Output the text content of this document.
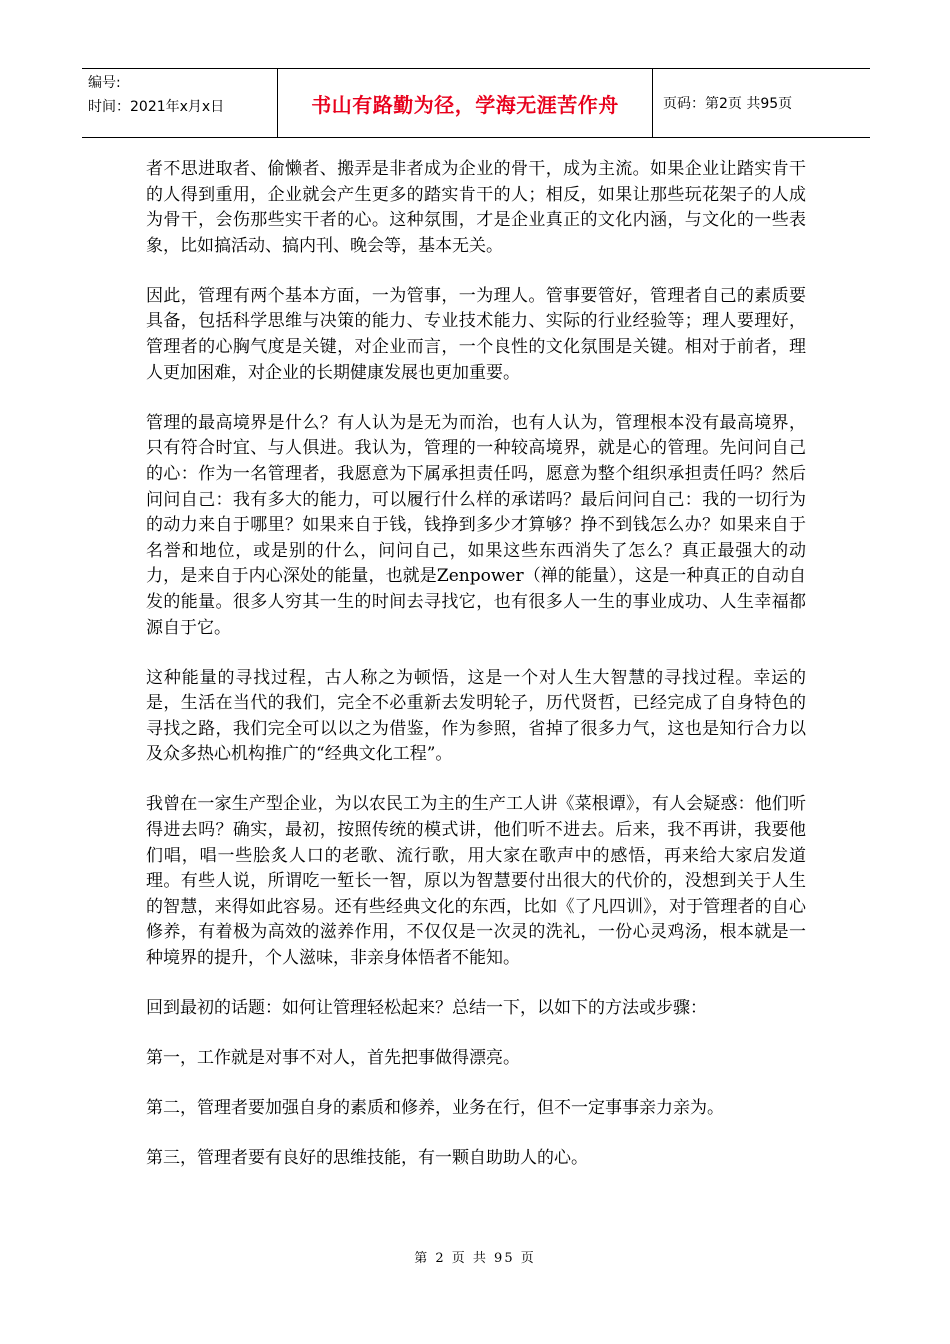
编号:
时间：2021年x月x日	书山有路勤为径，学海无涯苦作舟	页码：第2页 共95页

者不思进取者、偷懒者、搬弄是非者成为企业的骨干，成为主流。如果企业让踏实肯干的人得到重用，企业就会产生更多的踏实肯干的人；相反，如果让那些玩花架子的人成为骨干，会伤那些实干者的心。这种氛围，才是企业真正的文化内涵，与文化的一些表象，比如搞活动、搞内刊、晚会等，基本无关。

因此，管理有两个基本方面，一为管事，一为理人。管事要管好，管理者自己的素质要具备，包括科学思维与决策的能力、专业技术能力、实际的行业经验等；理人要理好，管理者的心胸气度是关键，对企业而言，一个良性的文化氛围是关键。相对于前者，理人更加困难，对企业的长期健康发展也更加重要。

管理的最高境界是什么？有人认为是无为而治，也有人认为，管理根本没有最高境界，只有符合时宜、与人俱进。我认为，管理的一种较高境界，就是心的管理。先问问自己的心：作为一名管理者，我愿意为下属承担责任吗，愿意为整个组织承担责任吗？然后问问自己：我有多大的能力，可以履行什么样的承诺吗？最后问问自己：我的一切行为的动力来自于哪里？如果来自于钱，钱挣到多少才算够？挣不到钱怎么办？如果来自于名誉和地位，或是别的什么，问问自己，如果这些东西消失了怎么？真正最强大的动力，是来自于内心深处的能量，也就是Zenpower（禅的能量），这是一种真正的自动自发的能量。很多人穷其一生的时间去寻找它，也有很多人一生的事业成功、人生幸福都源自于它。

这种能量的寻找过程，古人称之为顿悟，这是一个对人生大智慧的寻找过程。幸运的是，生活在当代的我们，完全不必重新去发明轮子，历代贤哲，已经完成了自身特色的寻找之路，我们完全可以以之为借鉴，作为参照，省掉了很多力气，这也是知行合力以及众多热心机构推广的“经典文化工程”。

我曾在一家生产型企业，为以农民工为主的生产工人讲《菜根谭》，有人会疑惑：他们听得进去吗？确实，最初，按照传统的模式讲，他们听不进去。后来，我不再讲，我要他们唱，唱一些脍炙人口的老歌、流行歌，用大家在歌声中的感悟，再来给大家启发道理。有些人说，所谓吃一堑长一智，原以为智慧要付出很大的代价的，没想到关于人生的智慧，来得如此容易。还有些经典文化的东西，比如《了凡四训》，对于管理者的自心修养，有着极为高效的滋养作用，不仅仅是一次灵的洗礼，一份心灵鸡汤，根本就是一种境界的提升，个人滋味，非亲身体悟者不能知。

回到最初的话题：如何让管理轻松起来？总结一下，以如下的方法或步骤：

第一，工作就是对事不对人，首先把事做得漂亮。

第二，管理者要加强自身的素质和修养，业务在行，但不一定事事亲力亲为。

第三，管理者要有良好的思维技能，有一颗自助助人的心。

第 2 页 共 95 页
